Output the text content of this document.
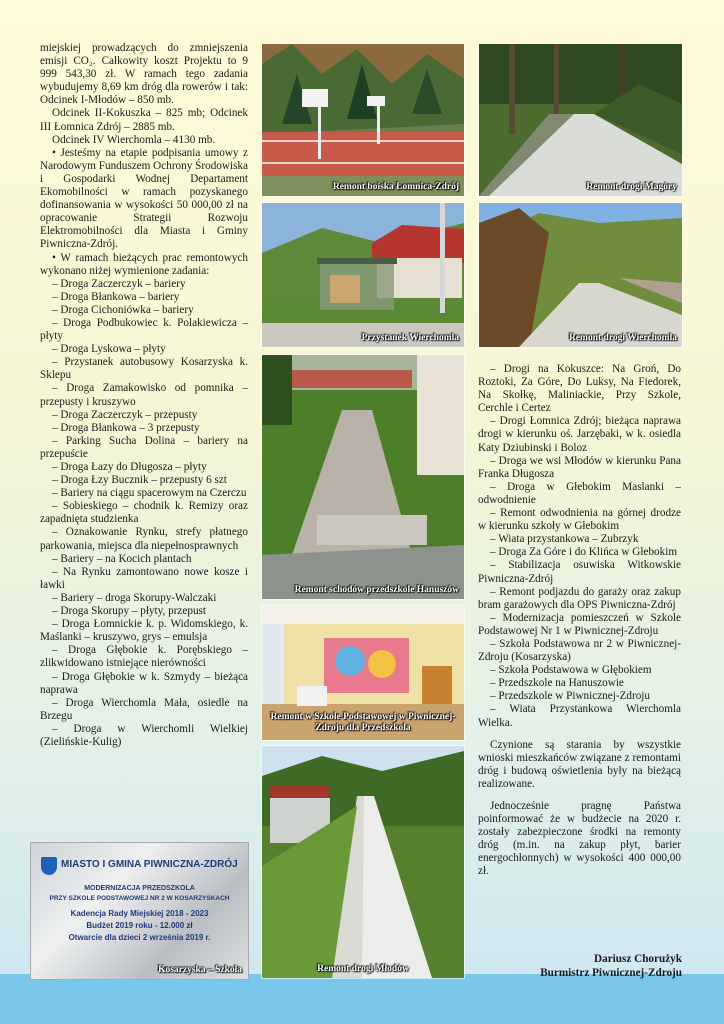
miejskiej prowadzących do zmniejszenia emisji CO₂. Całkowity koszt Projektu to 9 999 543,30 zł. W ramach tego zadania wybudujemy 8,69 km dróg dla rowerów i tak: Odcinek I-Młodów – 850 mb.

Odcinek II-Kokuszka – 825 mb; Odcinek III Łomnica Zdrój – 2885 mb.

Odcinek IV Wierchomla – 4130 mb.

• Jesteśmy na etapie podpisania umowy z Narodowym Funduszem Ochrony Środowiska i Gospodarki Wodnej Departament Ekomobilności w ramach pozyskanego dofinansowania w wysokości 50 000,00 zł na opracowanie Strategii Rozwoju Elektromobilności dla Miasta i Gminy Piwniczna-Zdrój.

• W ramach bieżących prac remontowych wykonano niżej wymienione zadania:

– Droga Zaczerczyk – bariery

– Droga Błankowa – bariery

– Droga Cichoniówka – bariery

– Droga Podbukowiec k. Polakiewicza – płyty

– Droga Lyskowa – płyty

– Przystanek autobusowy Kosarzyska k. Sklepu

– Droga Zamakowisko od pomnika – przepusty i kruszywo

– Droga Zaczerczyk – przepusty

– Droga Błankowa – 3 przepusty

– Parking Sucha Dolina – bariery na przepuście

– Droga Łazy do Długosza – płyty

– Droga Łzy Bucznik – przepusty 6 szt

– Bariery na ciągu spacerowym na Czerczu

– Sobieskiego – chodnik k. Remizy oraz zapadnięta studzienka

– Oznakowanie Rynku, strefy płatnego parkowania, miejsca dla niepełnosprawnych

– Bariery – na Kocich plantach

– Na Rynku zamontowano nowe kosze i ławki

– Bariery – droga Skorupy-Walczaki

– Droga Skorupy – płyty, przepust

– Droga Łomnickie k. p. Widomskiego, k. Maślanki – kruszywo, grys – emulsja

– Droga Głębokie k. Porębskiego – zlikwidowano istniejące nierówności

– Droga Głębokie w k. Szmydy – bieżąca naprawa

– Droga Wierchomla Mała, osiedle na Brzegu

– Droga w Wierchomli Wielkiej (Zielińskie-Kulig)

Remont boiska Łomnica-Zdrój	Remont drogi Magóry
Przystanek Wierchomla	Remont drogi Wierchomla
Remont schodów przedszkole Hanuszów
Remont w Szkole Podstawowej w Piwnicznej-Zdroju dla Przedszkola
Remont drogi Młodów
MIASTO I GMINA PIWNICZNA-ZDRÓJ
MODERNIZACJA PRZEDSZKOLA
PRZY SZKOLE PODSTAWOWEJ NR 2 W KOSARZYSKACH
Kadencja Rady Miejskiej 2018 - 2023
Budżet 2019 roku - 12.000 zł
Otwarcie dla dzieci 2 września 2019 r.
Kosarzyska – Szkoła

– Drogi na Kokuszce: Na Groń, Do Roztoki, Za Góre, Do Luksy, Na Fiedorek, Na Skołkę, Maliniackie, Przy Szkole, Cerchle i Certez

– Drogi Łomnica Zdrój; bieżąca naprawa drogi w kierunku oś. Jarzębaki, w k. osiedla Katy Dziubinski i Boloz

– Droga we wsi Młodów w kierunku Pana Franka Długosza

– Droga w Głebokim Maslanki – odwodnienie

– Remont odwodnienia na górnej drodze w kierunku szkoły w Głebokim

– Wiata przystankowa – Zubrzyk

– Droga Za Góre i do Klińca w Głebokim

– Stabilizacja osuwiska Witkowskie Piwniczna-Zdrój

– Remont podjazdu do garaży oraz zakup bram garażowych dla OPS Piwniczna-Zdrój

– Modernizacja pomieszczeń w Szkole Podstawowej Nr 1 w Piwnicznej-Zdroju

– Szkoła Podstawowa nr 2 w Piwnicznej-Zdroju (Kosarzyska)

– Szkoła Podstawowa w Głębokiem

– Przedszkole na Hanuszowie

– Przedszkole w Piwnicznej-Zdroju

– Wiata Przystankowa Wierchomla Wielka.

Czynione są starania by wszystkie wnioski mieszkańców związane z remontami dróg i budową oświetlenia były na bieżącą realizowane.

Jednocześnie pragnę Państwa poinformować że w budżecie na 2020 r. zostały zabezpieczone środki na remonty dróg (m.in. na zakup płyt, barier energochłonnych) w wysokości 400 000,00 zł.

Dariusz Chorużyk
Burmistrz Piwnicznej-Zdroju
